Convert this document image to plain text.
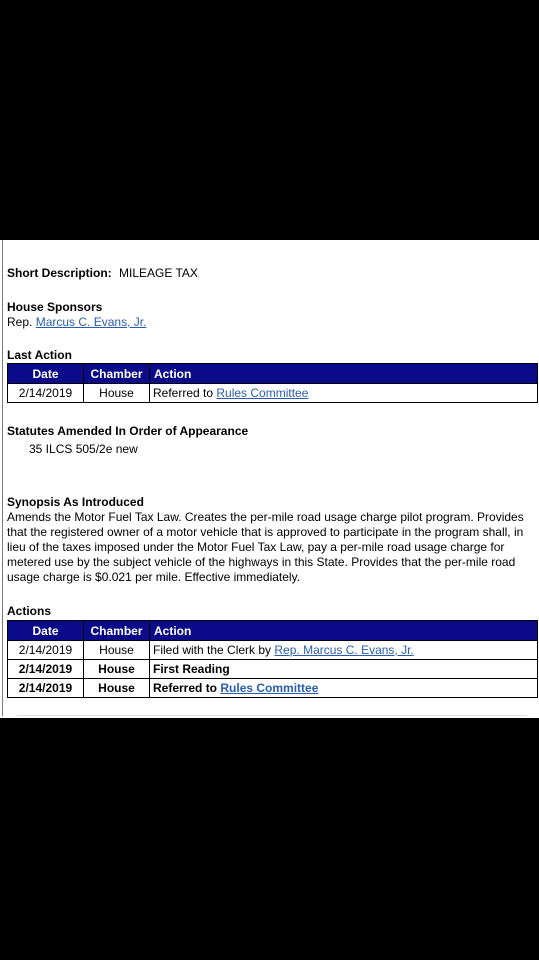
Short Description: MILEAGE TAX
House Sponsors
Rep. Marcus C. Evans, Jr.
Last Action
Date	Chamber	Action
2/14/2019	House	Referred to Rules Committee
Statutes Amended In Order of Appearance
35 ILCS 505/2e new
Synopsis As Introduced
Amends the Motor Fuel Tax Law. Creates the per-mile road usage charge pilot program. Provides that the registered owner of a motor vehicle that is approved to participate in the program shall, in lieu of the taxes imposed under the Motor Fuel Tax Law, pay a per-mile road usage charge for metered use by the subject vehicle of the highways in this State. Provides that the per-mile road usage charge is $0.021 per mile. Effective immediately.
Actions
Date	Chamber	Action
2/14/2019	House	Filed with the Clerk by Rep. Marcus C. Evans, Jr.
2/14/2019	House	First Reading
2/14/2019	House	Referred to Rules Committee
